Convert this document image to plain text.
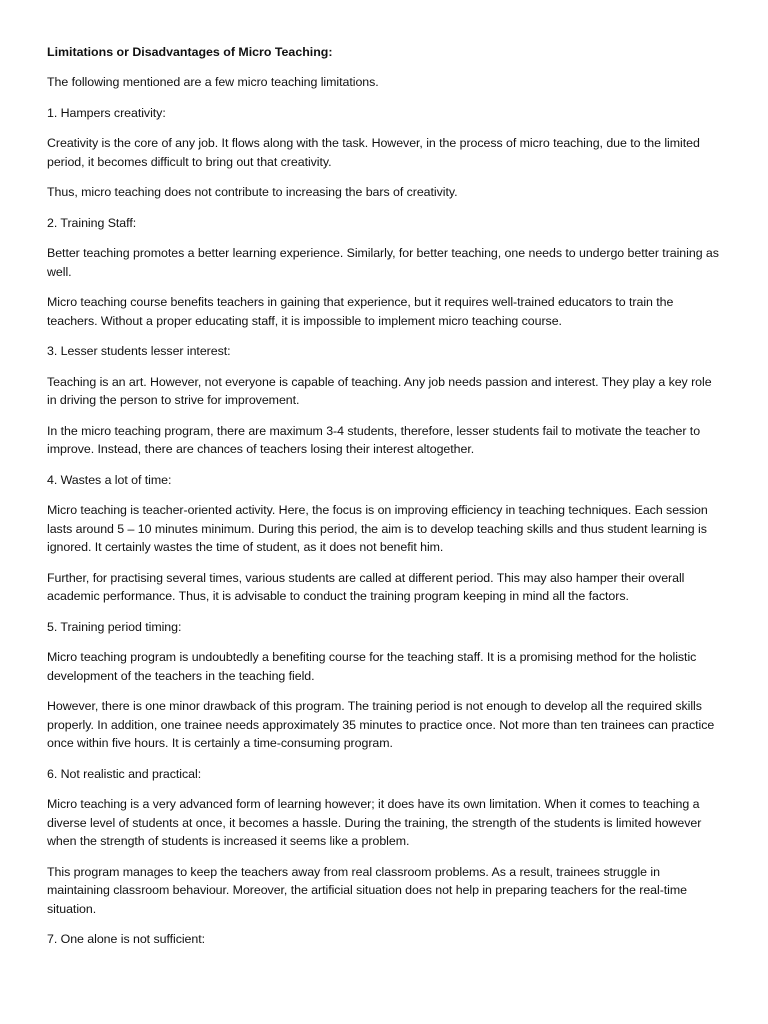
Limitations or Disadvantages of Micro Teaching:

The following mentioned are a few micro teaching limitations.

1. Hampers creativity:

Creativity is the core of any job. It flows along with the task. However, in the process of micro teaching, due to the limited period, it becomes difficult to bring out that creativity.

Thus, micro teaching does not contribute to increasing the bars of creativity.

2. Training Staff:

Better teaching promotes a better learning experience. Similarly, for better teaching, one needs to undergo better training as well.

Micro teaching course benefits teachers in gaining that experience, but it requires well-trained educators to train the teachers. Without a proper educating staff, it is impossible to implement micro teaching course.

3. Lesser students lesser interest:

Teaching is an art. However, not everyone is capable of teaching. Any job needs passion and interest. They play a key role in driving the person to strive for improvement.

In the micro teaching program, there are maximum 3-4 students, therefore, lesser students fail to motivate the teacher to improve. Instead, there are chances of teachers losing their interest altogether.

4. Wastes a lot of time:

Micro teaching is teacher-oriented activity. Here, the focus is on improving efficiency in teaching techniques. Each session lasts around 5 – 10 minutes minimum. During this period, the aim is to develop teaching skills and thus student learning is ignored. It certainly wastes the time of student, as it does not benefit him.

Further, for practising several times, various students are called at different period. This may also hamper their overall academic performance. Thus, it is advisable to conduct the training program keeping in mind all the factors.

5. Training period timing:

Micro teaching program is undoubtedly a benefiting course for the teaching staff. It is a promising method for the holistic development of the teachers in the teaching field.

However, there is one minor drawback of this program. The training period is not enough to develop all the required skills properly. In addition, one trainee needs approximately 35 minutes to practice once. Not more than ten trainees can practice once within five hours. It is certainly a time-consuming program.

6. Not realistic and practical:

Micro teaching is a very advanced form of learning however; it does have its own limitation. When it comes to teaching a diverse level of students at once, it becomes a hassle. During the training, the strength of the students is limited however when the strength of students is increased it seems like a problem.

This program manages to keep the teachers away from real classroom problems. As a result, trainees struggle in maintaining classroom behaviour. Moreover, the artificial situation does not help in preparing teachers for the real-time situation.

7. One alone is not sufficient:
